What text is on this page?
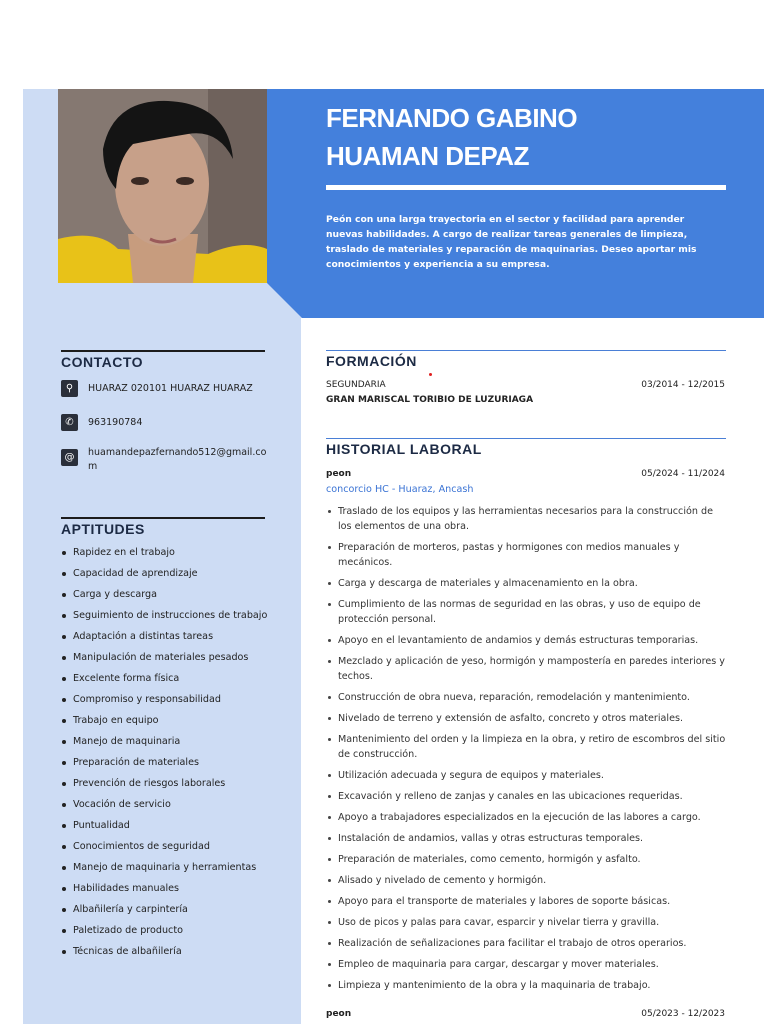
FERNANDO GABINO
HUAMAN DEPAZ
Peón con una larga trayectoria en el sector y facilidad para aprender nuevas habilidades. A cargo de realizar tareas generales de limpieza, traslado de materiales y reparación de maquinarias. Deseo aportar mis conocimientos y experiencia a su empresa.
CONTACTO
⚲	HUARAZ 020101 HUARAZ HUARAZ
✆	963190784
@	huamandepazfernando512@gmail.com
APTITUDES
Rapidez en el trabajo
Capacidad de aprendizaje
Carga y descarga
Seguimiento de instrucciones de trabajo
Adaptación a distintas tareas
Manipulación de materiales pesados
Excelente forma física
Compromiso y responsabilidad
Trabajo en equipo
Manejo de maquinaria
Preparación de materiales
Prevención de riesgos laborales
Vocación de servicio
Puntualidad
Conocimientos de seguridad
Manejo de maquinaria y herramientas
Habilidades manuales
Albañilería y carpintería
Paletizado de producto
Técnicas de albañilería
FORMACIÓN
SEGUNDARIA	03/2014 - 12/2015
GRAN MARISCAL TORIBIO DE LUZURIAGA
HISTORIAL LABORAL
peon	05/2024 - 11/2024
concorcio HC - Huaraz, Ancash
Traslado de los equipos y las herramientas necesarios para la construcción de los elementos de una obra.
Preparación de morteros, pastas y hormigones con medios manuales y mecánicos.
Carga y descarga de materiales y almacenamiento en la obra.
Cumplimiento de las normas de seguridad en las obras, y uso de equipo de protección personal.
Apoyo en el levantamiento de andamios y demás estructuras temporarias.
Mezclado y aplicación de yeso, hormigón y mampostería en paredes interiores y techos.
Construcción de obra nueva, reparación, remodelación y mantenimiento.
Nivelado de terreno y extensión de asfalto, concreto y otros materiales.
Mantenimiento del orden y la limpieza en la obra, y retiro de escombros del sitio de construcción.
Utilización adecuada y segura de equipos y materiales.
Excavación y relleno de zanjas y canales en las ubicaciones requeridas.
Apoyo a trabajadores especializados en la ejecución de las labores a cargo.
Instalación de andamios, vallas y otras estructuras temporales.
Preparación de materiales, como cemento, hormigón y asfalto.
Alisado y nivelado de cemento y hormigón.
Apoyo para el transporte de materiales y labores de soporte básicas.
Uso de picos y palas para cavar, esparcir y nivelar tierra y gravilla.
Realización de señalizaciones para facilitar el trabajo de otros operarios.
Empleo de maquinaria para cargar, descargar y mover materiales.
Limpieza y mantenimiento de la obra y la maquinaria de trabajo.
peon	05/2023 - 12/2023
